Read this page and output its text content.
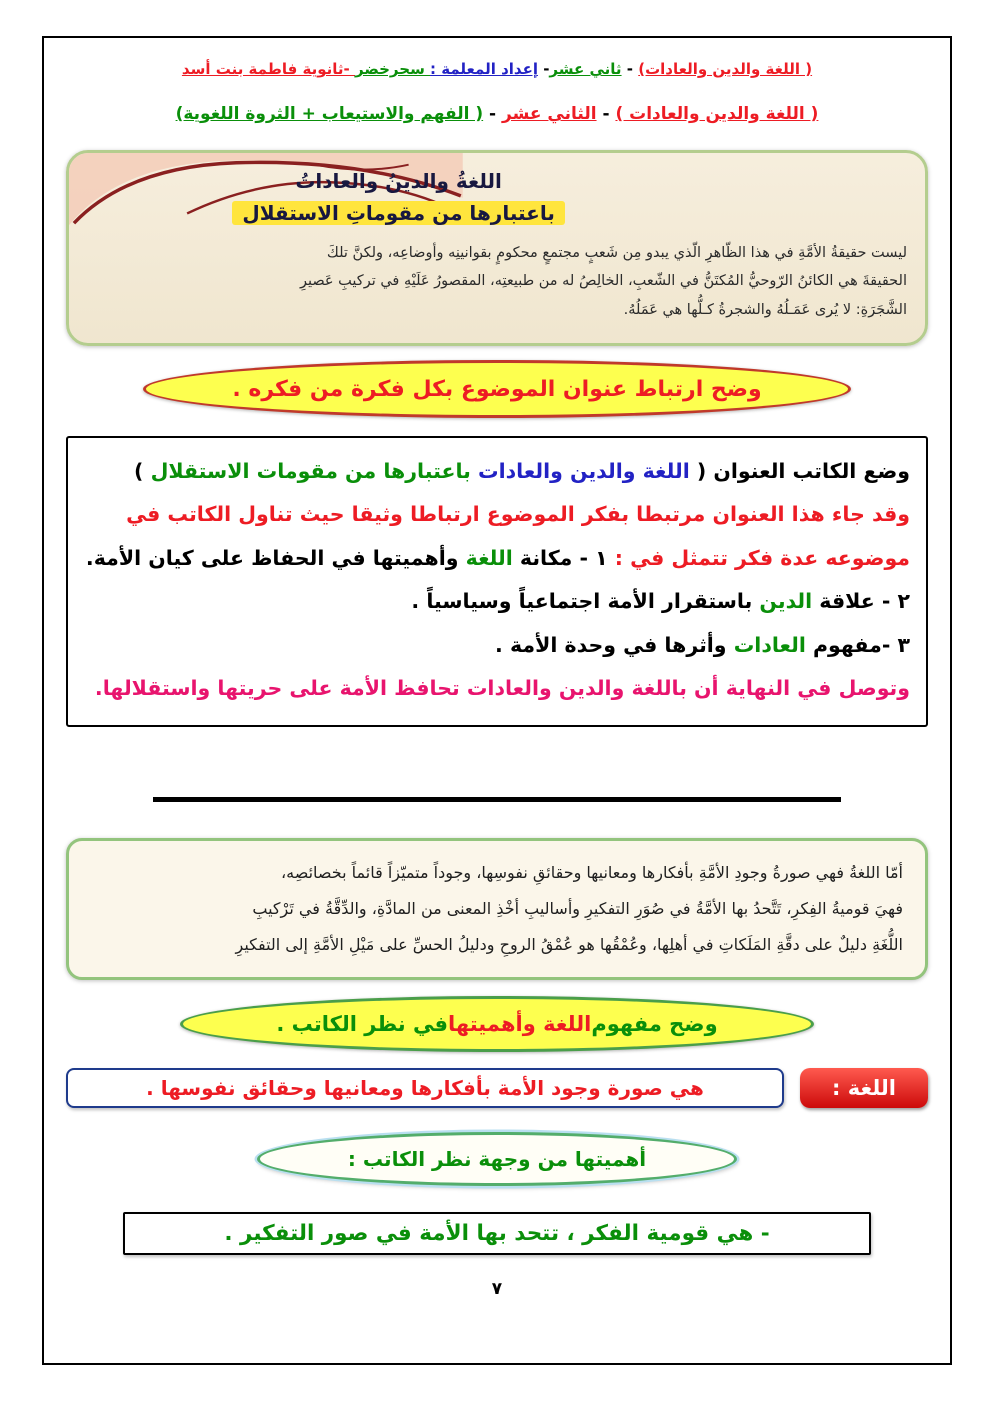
( اللغة والدين والعادات) - ثاني عشر- إعداد المعلمة : سحرخضر -ثانوية فاطمة بنت أسد
( اللغة والدين والعادات ) - الثاني عشر - ( الفهم والاستيعاب + الثروة اللغوية)
اللغةُ والدينُ والعاداتُ
باعتبارها من مقوماتِ الاستقلال
ليست حقيقةُ الأمَّةِ في هذا الظّاهرِ الّذي يبدو مِن شَعبٍ مجتمعٍ محكومٍ بقوانينِه وأوضاعِه، ولكنَّ تلكَ
الحقيقةَ هي الكائنُ الرّوحيُّ المُكتَنُّ في الشّعبِ، الخالِصُ له من طبيعتِه، المقصورُ عَلَيْهِ في تركيبِ عَصيرِ
الشَّجَرَةِ: لا يُرى عَمَـلُهُ والشجرةُ كـلُّها هي عَمَلُهُ.
وضح ارتباط عنوان الموضوع بكل فكرة من فكره .
وضع الكاتب العنوان ( اللغة والدين والعادات باعتبارها من مقومات الاستقلال )
وقد جاء هذا العنوان مرتبطا بفكر الموضوع ارتباطا وثيقا حيث تناول الكاتب في
موضوعه عدة فكر تتمثل في : ١ - مكانة اللغة وأهميتها في الحفاظ على كيان الأمة.
٢ - علاقة الدين باستقرار الأمة اجتماعياً وسياسياً .
٣ -مفهوم العادات وأثرها في وحدة الأمة .
وتوصل في النهاية أن باللغة والدين والعادات تحافظ الأمة على حريتها واستقلالها.
أمّا اللغةُ فهي صورةُ وجودِ الأمَّةِ بأفكارها ومعانيها وحقائقِ نفوسِها، وجوداً متميّزاً قائماً بخصائصِه،
فهيَ قوميةُ الفِكرِ، تَتَّحدُ بها الأمَّةُ في صُوَرِ التفكيرِ وأساليبِ أخْذِ المعنى من المادَّةِ، والدِّقَّةُ في تَرْكيبِ
اللُّغَةِ دليلٌ على دقَّةِ المَلَكاتِ في أهلِها، وعُمْقُها هو عُمْقُ الروحِ ودليلُ الحسِّ على مَيْلِ الأمَّةِ إلى التفكيرِ
وضح مفهوم
اللغة وأهميتها
في نظر الكاتب .
اللغة :
هي صورة وجود الأمة بأفكارها ومعانيها وحقائق نفوسها .
أهميتها من وجهة نظر الكاتب :
- هي قومية الفكر ، تتحد بها الأمة في صور التفكير .
٧
